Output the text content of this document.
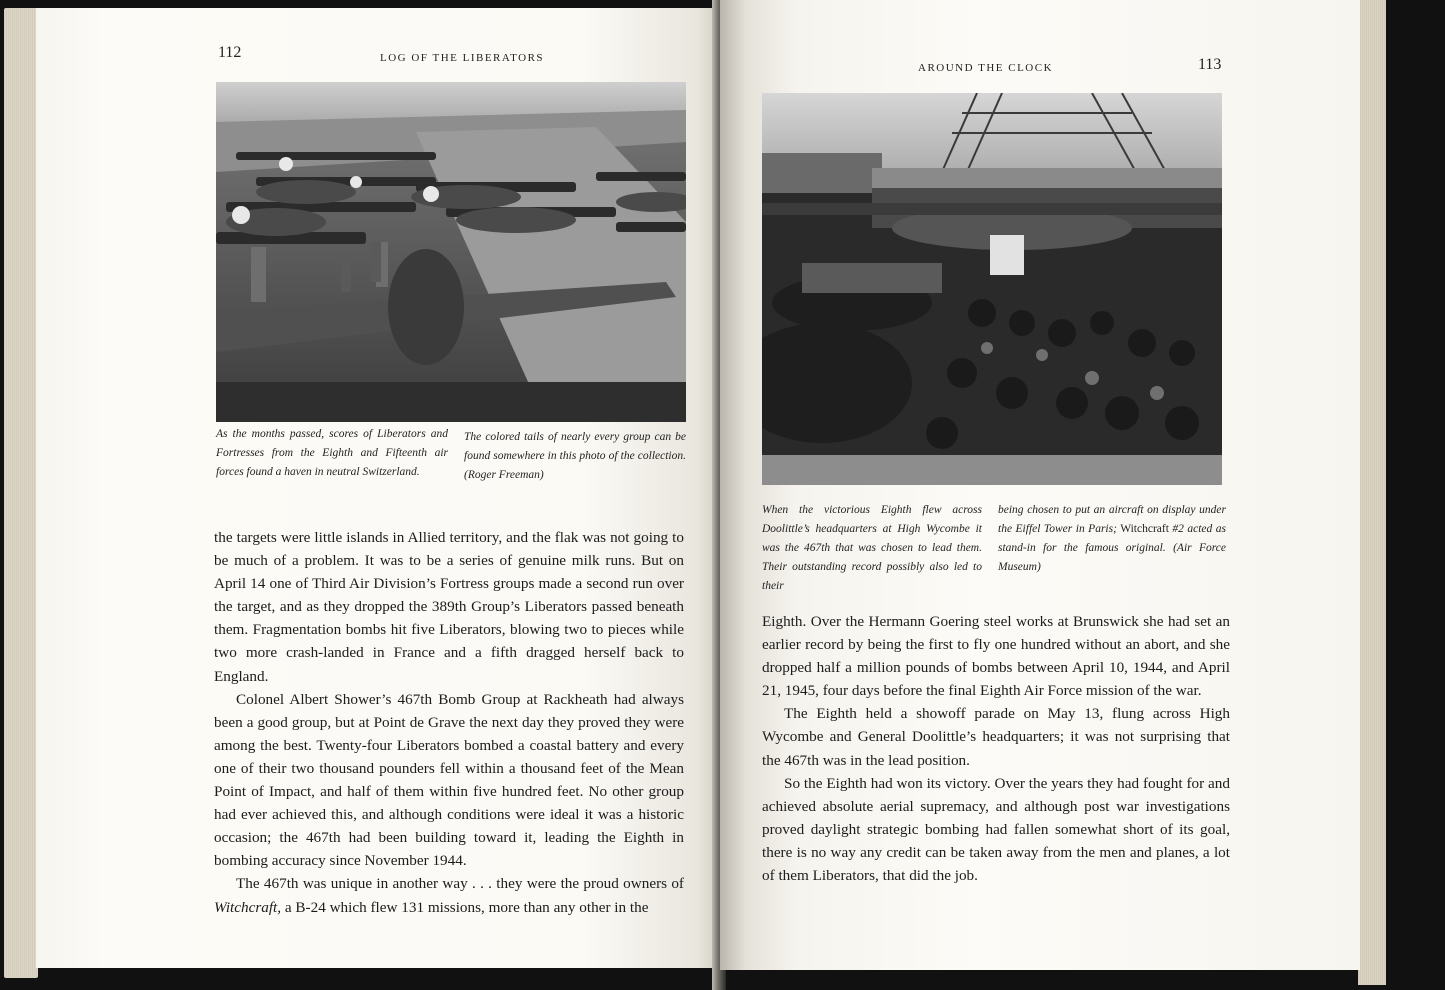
112	LOG OF THE LIBERATORS
As the months passed, scores of Liberators and Fortresses from the Eighth and Fifteenth air forces found a haven in neutral Switzerland.
The colored tails of nearly every group can be found somewhere in this photo of the collection. (Roger Freeman)

the targets were little islands in Allied territory, and the flak was not going to be much of a problem. It was to be a series of genuine milk runs. But on April 14 one of Third Air Division’s Fortress groups made a second run over the target, and as they dropped the 389th Group’s Liberators passed beneath them. Fragmentation bombs hit five Liberators, blowing two to pieces while two more crash-landed in France and a fifth dragged herself back to England.

Colonel Albert Shower’s 467th Bomb Group at Rackheath had always been a good group, but at Point de Grave the next day they proved they were among the best. Twenty-four Liberators bombed a coastal battery and every one of their two thousand pounders fell within a thousand feet of the Mean Point of Impact, and half of them within five hundred feet. No other group had ever achieved this, and although conditions were ideal it was a historic occasion; the 467th had been building toward it, leading the Eighth in bombing accuracy since November 1944.

The 467th was unique in another way . . . they were the proud owners of Witchcraft, a B-24 which flew 131 missions, more than any other in the

AROUND THE CLOCK	113
When the victorious Eighth flew across Doolittle’s headquarters at High Wycombe it was the 467th that was chosen to lead them. Their outstanding record possibly also led to their
being chosen to put an aircraft on display under the Eiffel Tower in Paris; Witchcraft #2 acted as stand-in for the famous original. (Air Force Museum)

Eighth. Over the Hermann Goering steel works at Brunswick she had set an earlier record by being the first to fly one hundred without an abort, and she dropped half a million pounds of bombs between April 10, 1944, and April 21, 1945, four days before the final Eighth Air Force mission of the war.

The Eighth held a showoff parade on May 13, flung across High Wycombe and General Doolittle’s headquarters; it was not surprising that the 467th was in the lead position.

So the Eighth had won its victory. Over the years they had fought for and achieved absolute aerial supremacy, and although post war investigations proved daylight strategic bombing had fallen somewhat short of its goal, there is no way any credit can be taken away from the men and planes, a lot of them Liberators, that did the job.
